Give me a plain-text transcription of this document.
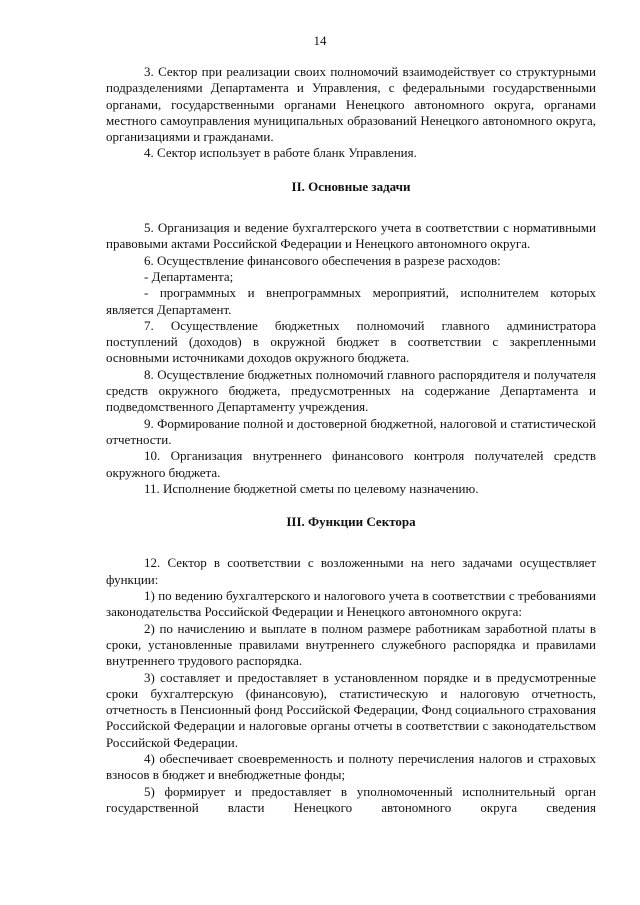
14

3. Сектор при реализации своих полномочий взаимодействует со структурными подразделениями Департамента и Управления, с федеральными государственными органами, государственными органами Ненецкого автономного округа, органами местного самоуправления муниципальных образований Ненецкого автономного округа, организациями и гражданами.

4. Сектор использует в работе бланк Управления.

II. Основные задачи

5. Организация и ведение бухгалтерского учета в соответствии с нормативными правовыми актами Российской Федерации и Ненецкого автономного округа.

6. Осуществление финансового обеспечения в разрезе расходов:

- Департамента;

- программных и внепрограммных мероприятий, исполнителем которых является Департамент.

7. Осуществление бюджетных полномочий главного администратора поступлений (доходов) в окружной бюджет в соответствии с закрепленными основными источниками доходов окружного бюджета.

8. Осуществление бюджетных полномочий главного распорядителя и получателя средств окружного бюджета, предусмотренных на содержание Департамента и подведомственного Департаменту учреждения.

9. Формирование полной и достоверной бюджетной, налоговой и статистической отчетности.

10. Организация внутреннего финансового контроля получателей средств окружного бюджета.

11. Исполнение бюджетной сметы по целевому назначению.

III. Функции Сектора

12. Сектор в соответствии с возложенными на него задачами осуществляет функции:

1) по ведению бухгалтерского и налогового учета в соответствии с требованиями законодательства Российской Федерации и Ненецкого автономного округа:

2) по начислению и выплате в полном размере работникам заработной платы в сроки, установленные правилами внутреннего служебного распорядка и правилами внутреннего трудового распорядка.

3) составляет и предоставляет в установленном порядке и в предусмотренные сроки бухгалтерскую (финансовую), статистическую и налоговую отчетность, отчетность в Пенсионный фонд Российской Федерации, Фонд социального страхования Российской Федерации и налоговые органы отчеты в соответствии с законодательством Российской Федерации.

4) обеспечивает своевременность и полноту перечисления налогов и страховых взносов в бюджет и внебюджетные фонды;

5) формирует и предоставляет в уполномоченный исполнительный орган государственной власти Ненецкого автономного округа сведения
